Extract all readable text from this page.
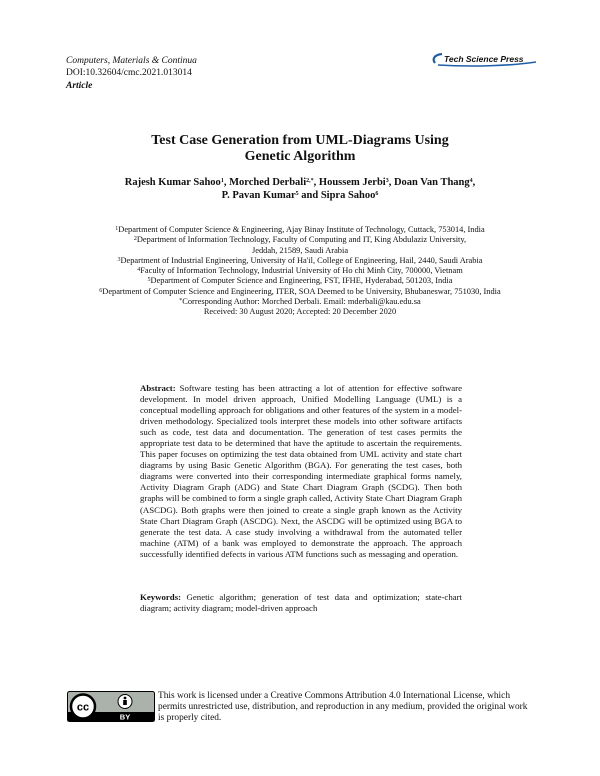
Computers, Materials & Continua
DOI:10.32604/cmc.2021.013014
Article
Tech Science Press
Test Case Generation from UML-Diagrams Using
Genetic Algorithm
Rajesh Kumar Sahoo$^1$, Morched Derbali$^{2,*}$, Houssem Jerbi$^3$, Doan Van Thang$^4$,
P. Pavan Kumar$^5$ and Sipra Sahoo$^6$
$^1$Department of Computer Science & Engineering, Ajay Binay Institute of Technology, Cuttack, 753014, India
$^2$Department of Information Technology, Faculty of Computing and IT, King Abdulaziz University,
Jeddah, 21589, Saudi Arabia
$^3$Department of Industrial Engineering, University of Ha'il, College of Engineering, Hail, 2440, Saudi Arabia
$^4$Faculty of Information Technology, Industrial University of Ho chi Minh City, 700000, Vietnam
$^5$Department of Computer Science and Engineering, FST, IFHE, Hyderabad, 501203, India
$^6$Department of Computer Science and Engineering, ITER, SOA Deemed to be University, Bhubaneswar, 751030, India
*Corresponding Author: Morched Derbali. Email: mderbali@kau.edu.sa
Received: 30 August 2020; Accepted: 20 December 2020
Abstract: Software testing has been attracting a lot of attention for effective software development. In model driven approach, Unified Modelling Language (UML) is a conceptual modelling approach for obligations and other features of the system in a model-driven methodology. Specialized tools interpret these models into other software artifacts such as code, test data and documentation. The generation of test cases permits the appropriate test data to be determined that have the aptitude to ascertain the requirements. This paper focuses on optimizing the test data obtained from UML activity and state chart diagrams by using Basic Genetic Algorithm (BGA). For generating the test cases, both diagrams were converted into their corresponding intermediate graphical forms namely, Activity Diagram Graph (ADG) and State Chart Diagram Graph (SCDG). Then both graphs will be combined to form a single graph called, Activity State Chart Diagram Graph (ASCDG). Both graphs were then joined to create a single graph known as the Activity State Chart Diagram Graph (ASCDG). Next, the ASCDG will be optimized using BGA to generate the test data. A case study involving a withdrawal from the automated teller machine (ATM) of a bank was employed to demonstrate the approach. The approach successfully identified defects in various ATM functions such as messaging and operation.
Keywords: Genetic algorithm; generation of test data and optimization; state-chart diagram; activity diagram; model-driven approach
cc
BY
This work is licensed under a Creative Commons Attribution 4.0 International License, which permits unrestricted use, distribution, and reproduction in any medium, provided the original work is properly cited.
